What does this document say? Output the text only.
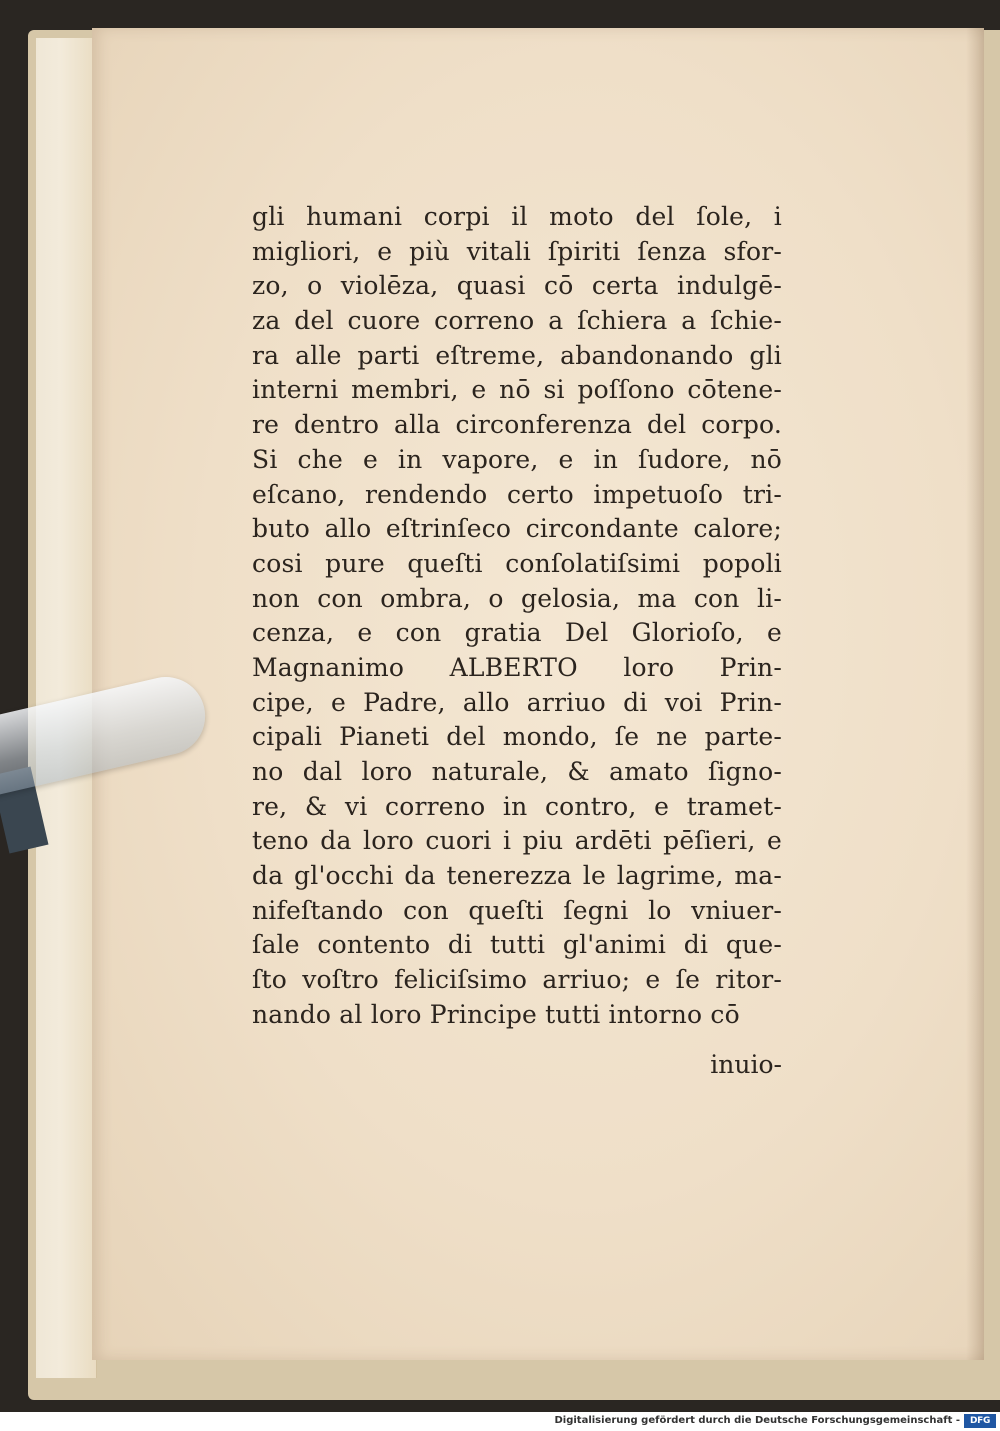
gli humani corpi il moto del ſole, i
migliori, e più vitali ſpiriti ſenza sfor-
zo, o violēza, quasi cō certa indulgē-
za del cuore correno a ſchiera a ſchie-
ra alle parti eſtreme, abandonando gli
interni membri, e nō si poſſono cōtene-
re dentro alla circonferenza del corpo.
Si che e in vapore, e in ſudore, nō
eſcano, rendendo certo impetuoſo tri-
buto allo eſtrinſeco circondante calore;
cosi pure queſti conſolatiſsimi popoli
non con ombra, o gelosia, ma con li-
cenza, e con gratia Del Glorioſo, e
Magnanimo ALBERTO loro Prin-
cipe, e Padre, allo arriuo di voi Prin-
cipali Pianeti del mondo, ſe ne parte-
no dal loro naturale, & amato ſigno-
re, & vi correno in contro, e tramet-
teno da loro cuori i piu ardēti pēſieri, e
da gl'occhi da tenerezza le lagrime, ma-
nifeſtando con queſti ſegni lo vniuer-
ſale contento di tutti gl'animi di que-
ſto voſtro feliciſsimo arriuo; e ſe ritor-
nando al loro Principe tutti intorno cō
inuio-
Digitalisierung gefördert durch die Deutsche Forschungsgemeinschaft -	DFG
